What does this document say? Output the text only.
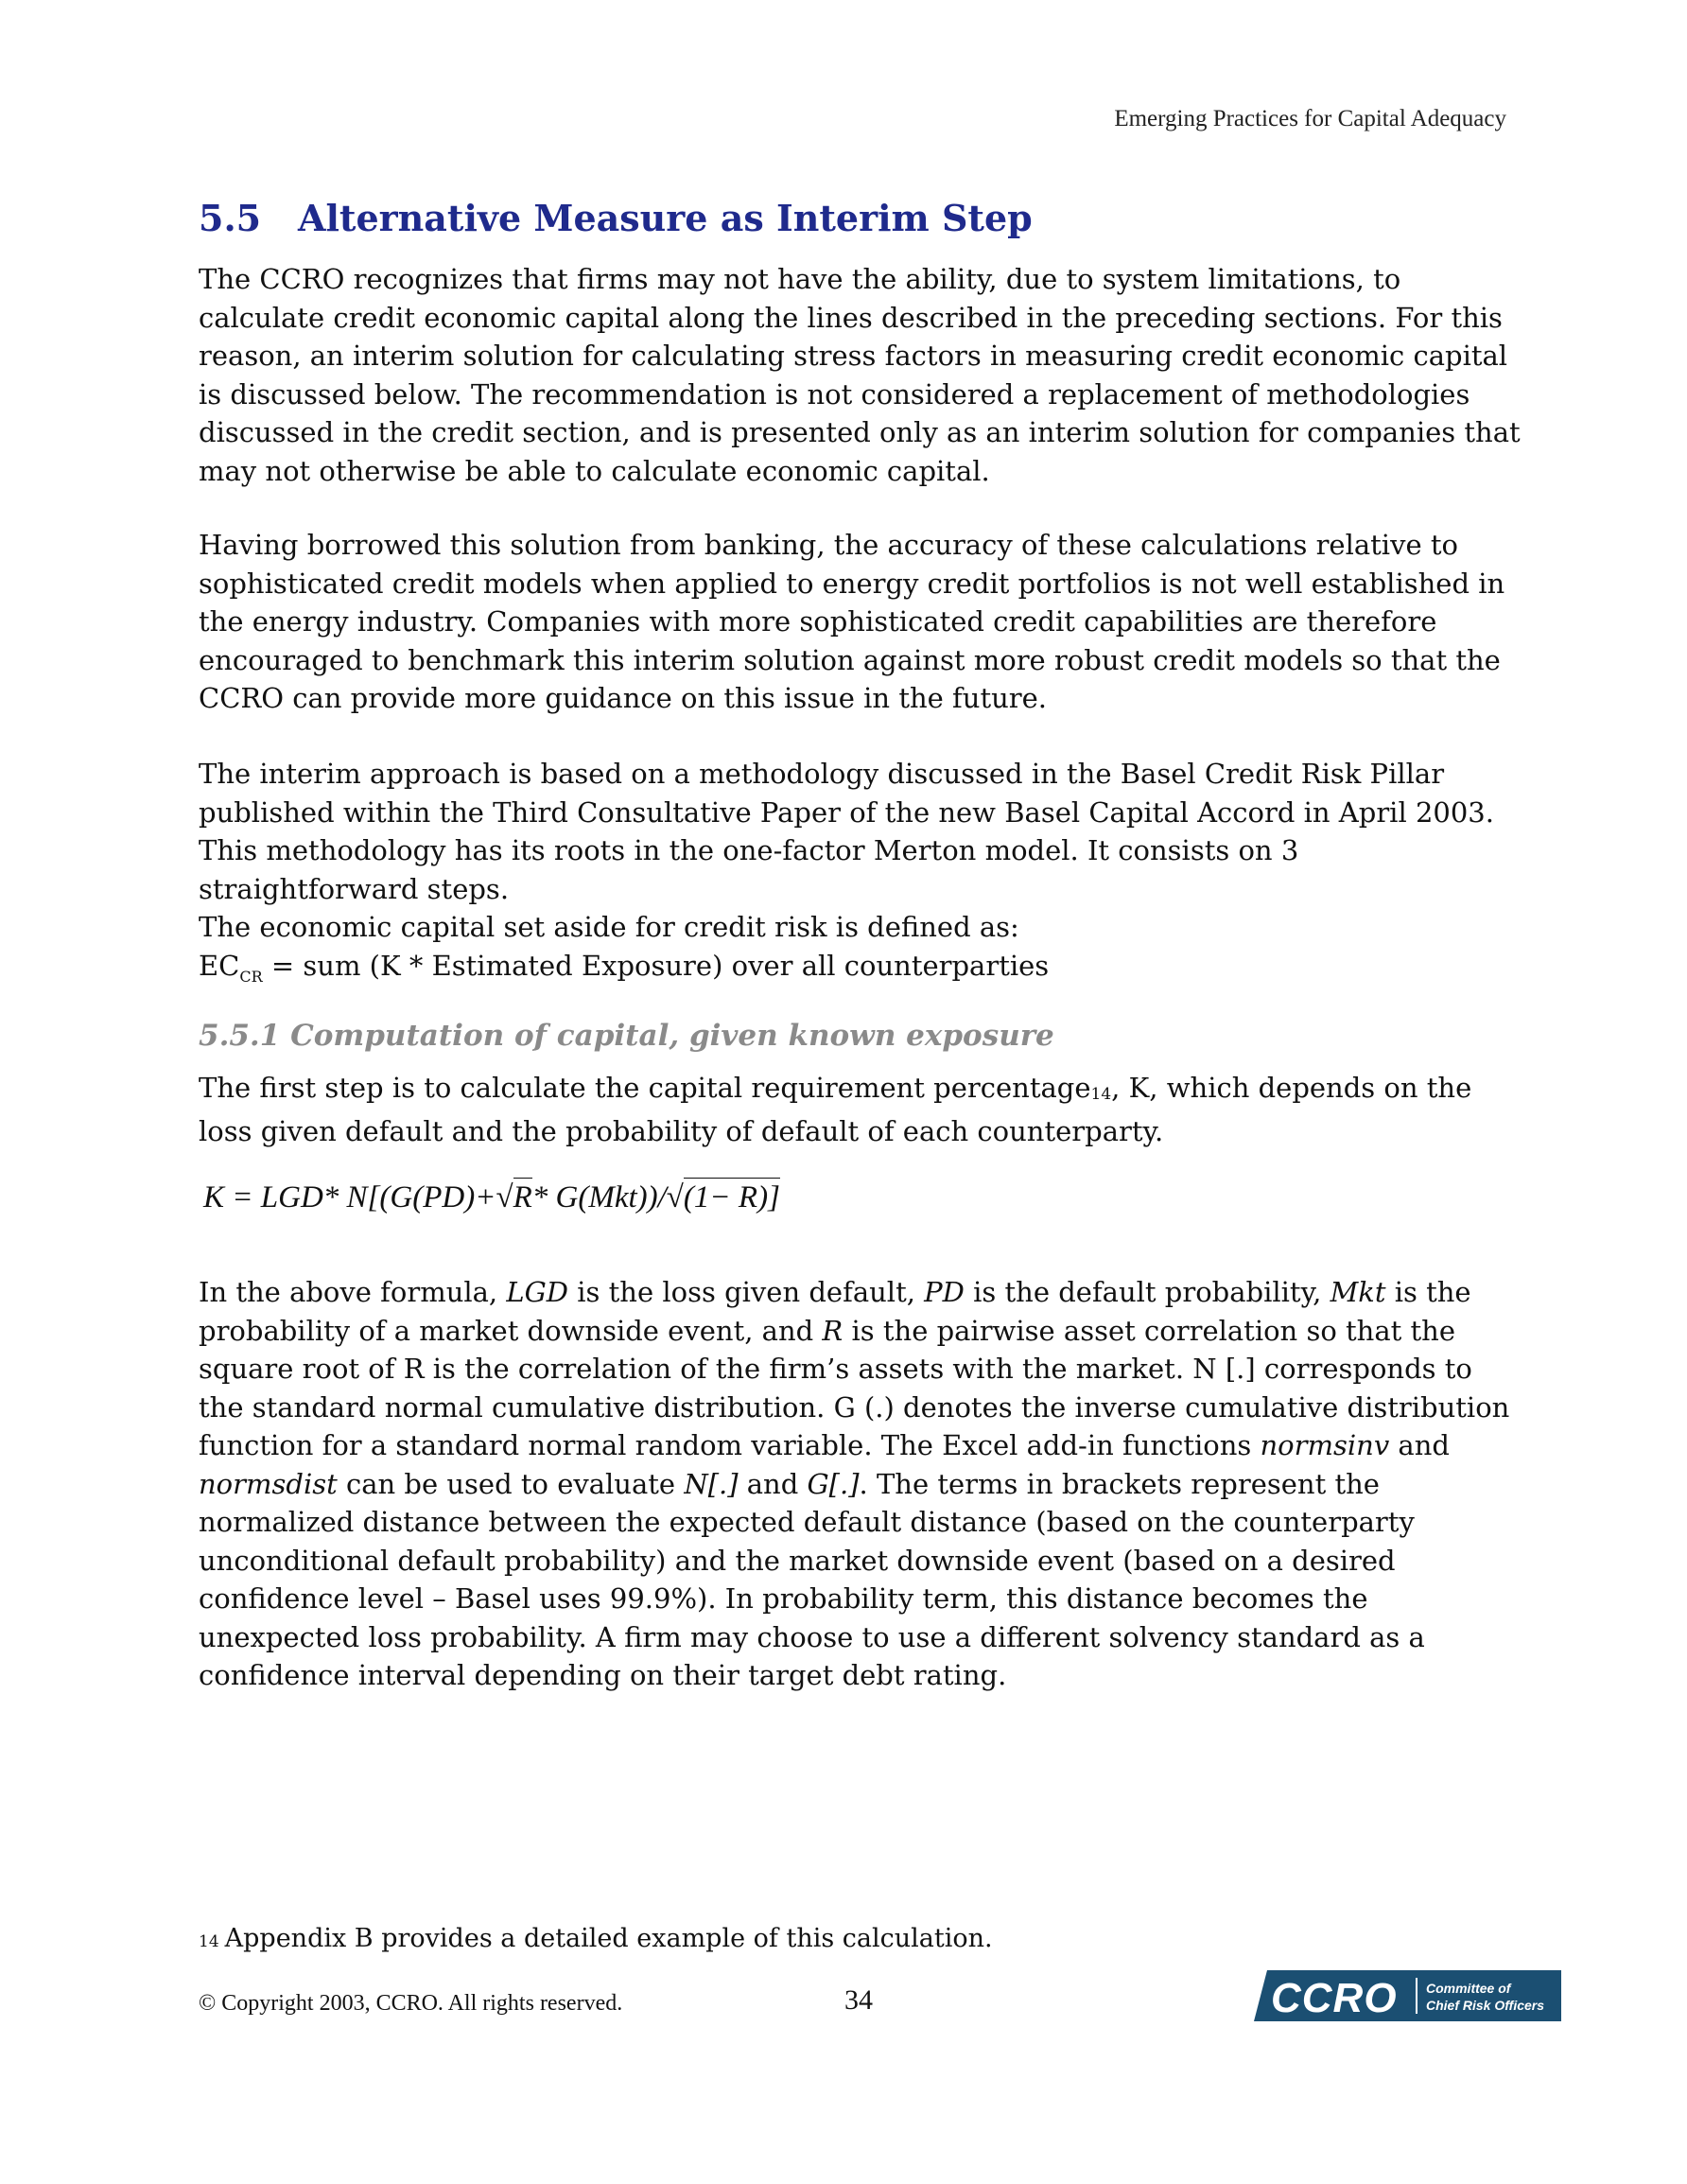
Emerging Practices for Capital Adequacy
5.5 Alternative Measure as Interim Step

The CCRO recognizes that firms may not have the ability, due to system limitations, to calculate credit economic capital along the lines described in the preceding sections. For this reason, an interim solution for calculating stress factors in measuring credit economic capital is discussed below. The recommendation is not considered a replacement of methodologies discussed in the credit section, and is presented only as an interim solution for companies that may not otherwise be able to calculate economic capital.

Having borrowed this solution from banking, the accuracy of these calculations relative to sophisticated credit models when applied to energy credit portfolios is not well established in the energy industry. Companies with more sophisticated credit capabilities are therefore encouraged to benchmark this interim solution against more robust credit models so that the CCRO can provide more guidance on this issue in the future.

The interim approach is based on a methodology discussed in the Basel Credit Risk Pillar published within the Third Consultative Paper of the new Basel Capital Accord in April 2003. This methodology has its roots in the one-factor Merton model. It consists on 3 straightforward steps.

The economic capital set aside for credit risk is defined as:

$EC_{CR}$ = sum (K * Estimated Exposure) over all counterparties

5.5.1 Computation of capital, given known exposure

The first step is to calculate the capital requirement percentage14, K, which depends on the loss given default and the probability of default of each counterparty.

K = LGD* N[(G(PD)+√R* G(Mkt))/√(1− R)]

In the above formula, LGD is the loss given default, PD is the default probability, Mkt is the probability of a market downside event, and R is the pairwise asset correlation so that the square root of R is the correlation of the firm’s assets with the market. N [.] corresponds to the standard normal cumulative distribution. G (.) denotes the inverse cumulative distribution function for a standard normal random variable. The Excel add-in functions normsinv and normsdist can be used to evaluate N[.] and G[.]. The terms in brackets represent the normalized distance between the expected default distance (based on the counterparty unconditional default probability) and the market downside event (based on a desired confidence level – Basel uses 99.9%). In probability term, this distance becomes the unexpected loss probability. A firm may choose to use a different solvency standard as a confidence interval depending on their target debt rating.

14 Appendix B provides a detailed example of this calculation.
© Copyright 2003, CCRO. All rights reserved.	34	CCRO Committee of
Chief Risk Officers
